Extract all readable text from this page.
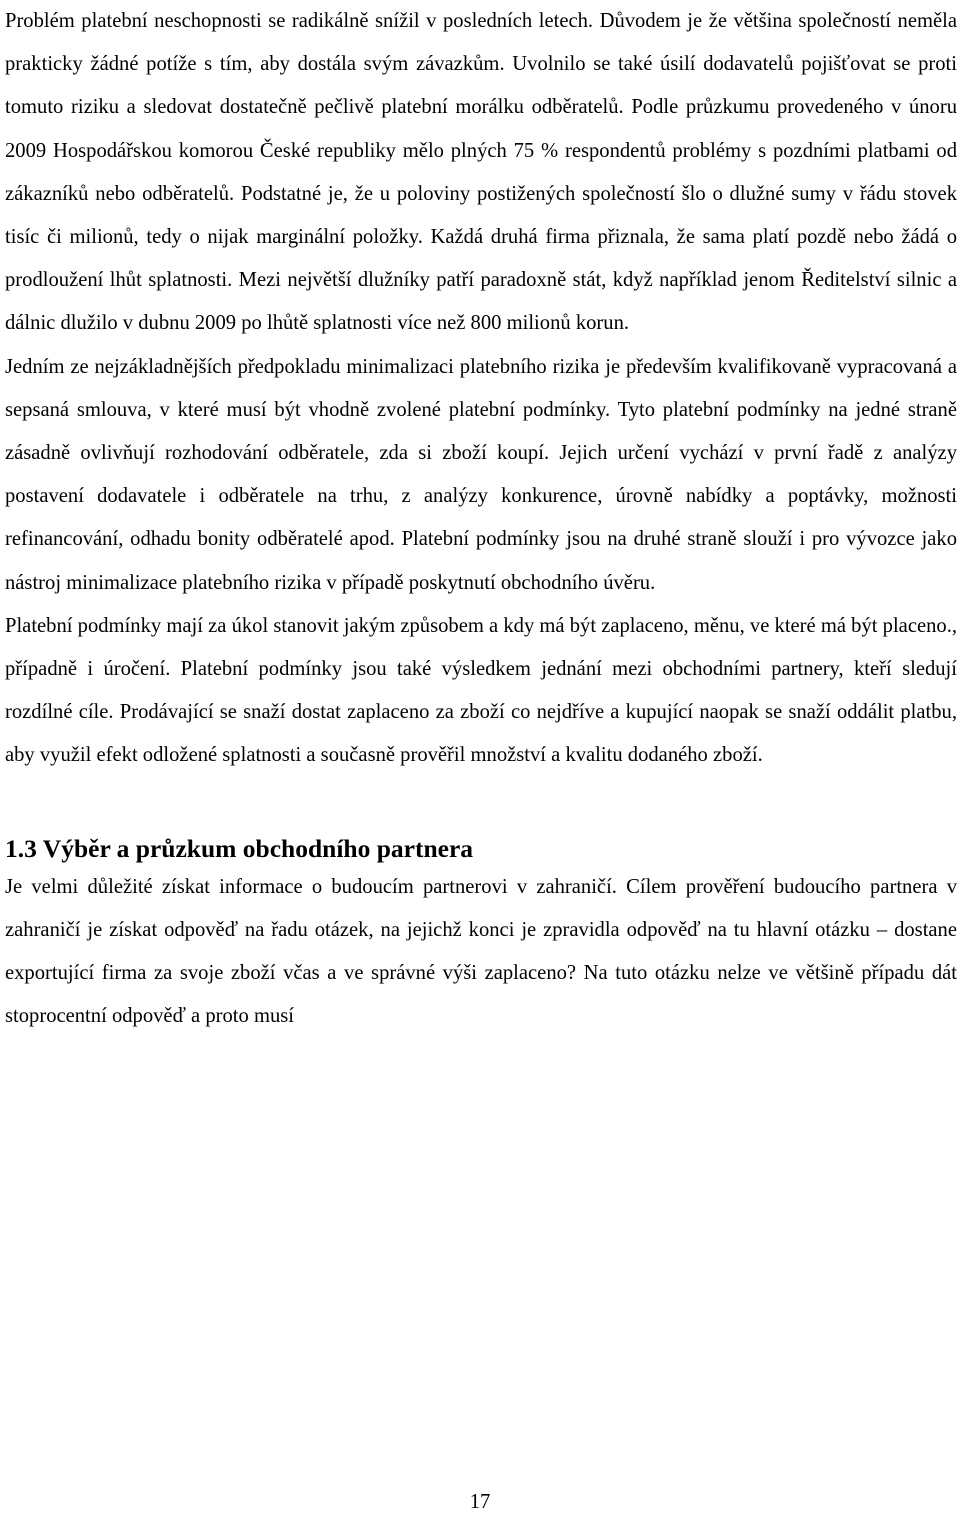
Problém platební neschopnosti se radikálně snížil v posledních letech. Důvodem je že většina společností neměla prakticky žádné potíže s tím, aby dostála svým závazkům. Uvolnilo se také úsilí dodavatelů pojišťovat se proti tomuto riziku a sledovat dostatečně pečlivě platební morálku odběratelů. Podle průzkumu provedeného v únoru 2009 Hospodářskou komorou České republiky mělo plných 75 % respondentů problémy s pozdními platbami od zákazníků nebo odběratelů. Podstatné je, že u poloviny postižených společností šlo o dlužné sumy v řádu stovek tisíc či milionů, tedy o nijak marginální položky. Každá druhá firma přiznala, že sama platí pozdě nebo žádá o prodloužení lhůt splatnosti. Mezi největší dlužníky patří paradoxně stát, když například jenom Ředitelství silnic a dálnic dlužilo v dubnu 2009 po lhůtě splatnosti více než 800 milionů korun.

Jedním ze nejzákladnějších předpokladu minimalizaci platebního rizika je především kvalifikovaně vypracovaná a sepsaná smlouva, v které musí být vhodně zvolené platební podmínky. Tyto platební podmínky na jedné straně zásadně ovlivňují rozhodování odběratele, zda si zboží koupí. Jejich určení vychází v první řadě z analýzy postavení dodavatele i odběratele na trhu, z analýzy konkurence, úrovně nabídky a poptávky, možnosti refinancování, odhadu bonity odběratelé apod. Platební podmínky jsou na druhé straně slouží i pro vývozce jako nástroj minimalizace platebního rizika v případě poskytnutí obchodního úvěru.

Platební podmínky mají za úkol stanovit jakým způsobem a kdy má být zaplaceno, měnu, ve které má být placeno., případně i úročení. Platební podmínky jsou také výsledkem jednání mezi obchodními partnery, kteří sledují rozdílné cíle. Prodávající se snaží dostat zaplaceno za zboží co nejdříve a kupující naopak se snaží oddálit platbu, aby využil efekt odložené splatnosti a současně prověřil množství a kvalitu dodaného zboží.

1.3 Výběr a průzkum obchodního partnera

Je velmi důležité získat informace o budoucím partnerovi v zahraničí. Cílem prověření budoucího partnera v zahraničí je získat odpověď na řadu otázek, na jejichž konci je zpravidla odpověď na tu hlavní otázku – dostane exportující firma za svoje zboží včas a ve správné výši zaplaceno? Na tuto otázku nelze ve většině případu dát stoprocentní odpověď a proto musí

17
